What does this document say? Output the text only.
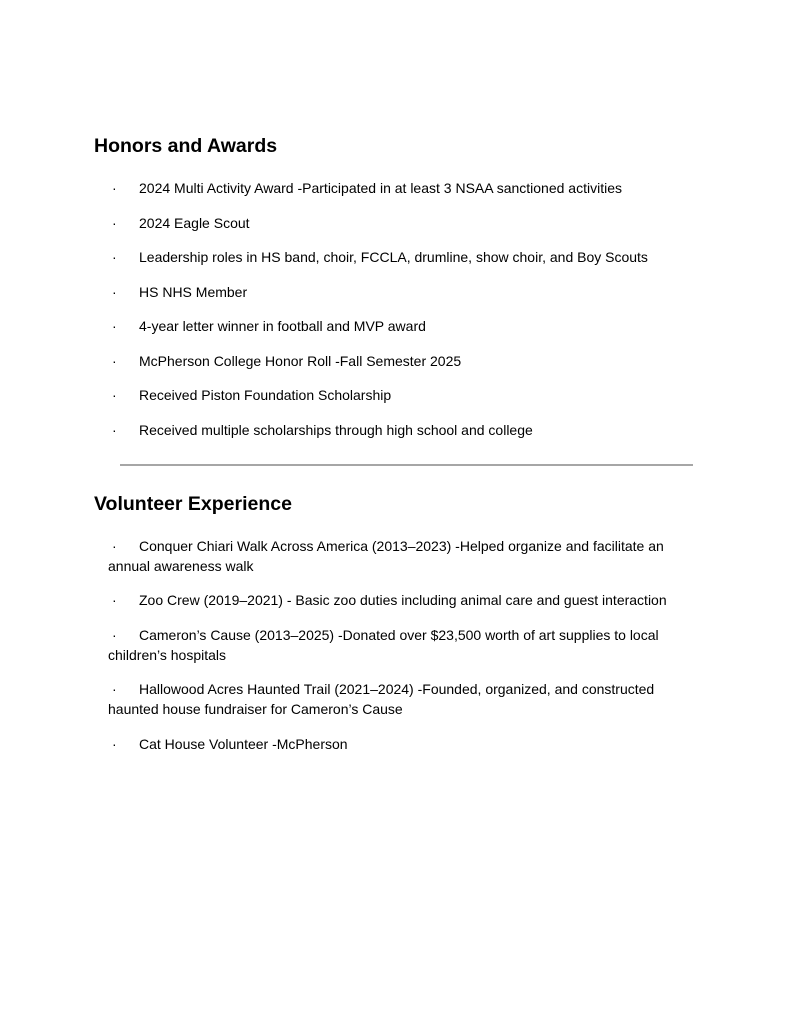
Honors and Awards
· 2024 Multi Activity Award -Participated in at least 3 NSAA sanctioned activities
· 2024 Eagle Scout
· Leadership roles in HS band, choir, FCCLA, drumline, show choir, and Boy Scouts
· HS NHS Member
· 4-year letter winner in football and MVP award
· McPherson College Honor Roll -Fall Semester 2025
· Received Piston Foundation Scholarship
· Received multiple scholarships through high school and college
Volunteer Experience
· Conquer Chiari Walk Across America (2013–2023) -Helped organize and facilitate an annual awareness walk
· Zoo Crew (2019–2021) - Basic zoo duties including animal care and guest interaction
· Cameron’s Cause (2013–2025) -Donated over $23,500 worth of art supplies to local children’s hospitals
· Hallowood Acres Haunted Trail (2021–2024) -Founded, organized, and constructed haunted house fundraiser for Cameron’s Cause
· Cat House Volunteer -McPherson
